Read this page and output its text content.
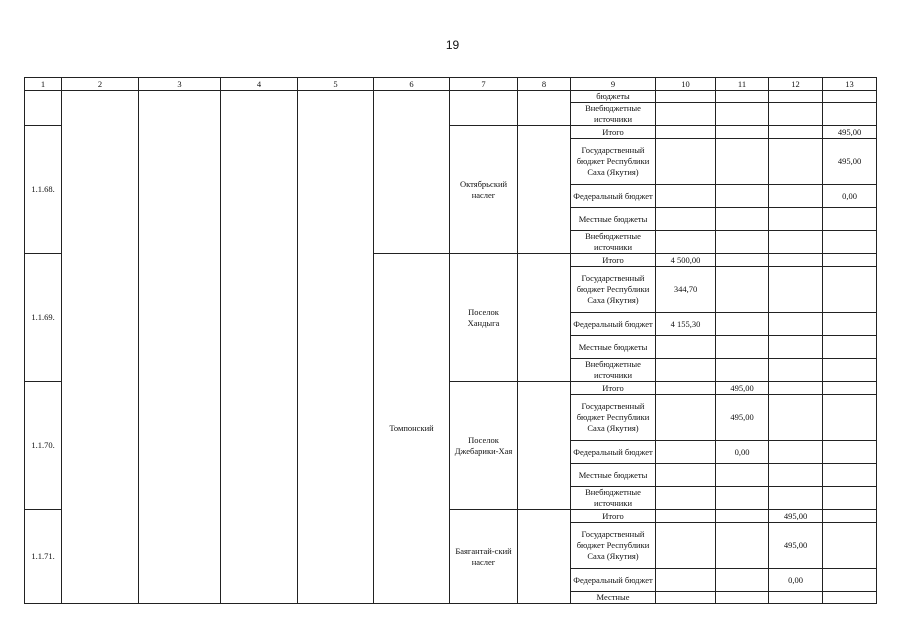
19
1	2	3	4	5	6	7	8	9	10	11	12	13
								бюджеты				
								Внебюджетные источники				
1.1.68.						Октябрьский наслег		Итого				495,00
								Государственный бюджет Республики Саха (Якутия)				495,00
								Федеральный бюджет				0,00
								Местные бюджеты				
								Внебюджетные источники				
1.1.69.					Томпонский	Поселок Хандыга		Итого	4 500,00			
								Государственный бюджет Республики Саха (Якутия)	344,70			
								Федеральный бюджет	4 155,30			
								Местные бюджеты				
								Внебюджетные источники				
1.1.70.						Поселок Джебарики-Хая		Итого		495,00		
								Государственный бюджет Республики Саха (Якутия)		495,00		
								Федеральный бюджет		0,00		
								Местные бюджеты				
								Внебюджетные источники				
1.1.71.						Баягантай-ский наслег		Итого			495,00	
								Государственный бюджет Республики Саха (Якутия)			495,00	
								Федеральный бюджет			0,00	
								Местные				
